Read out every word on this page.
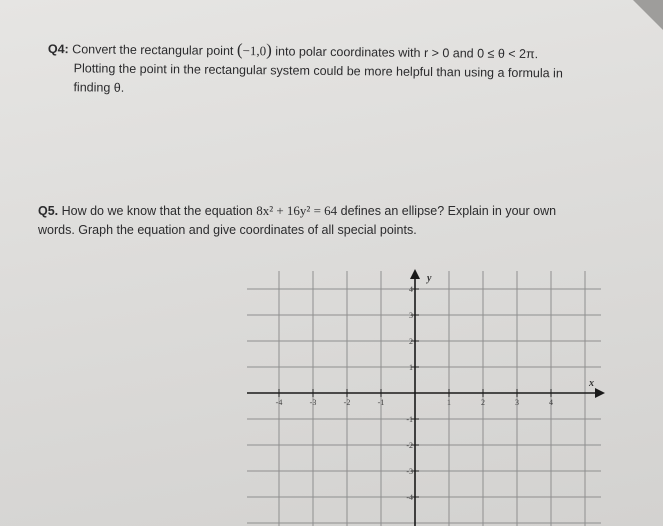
Q4: Convert the rectangular point (−1,0) into polar coordinates with r > 0 and 0 ≤ θ < 2π.
Plotting the point in the rectangular system could be more helpful than using a formula in
finding θ.
Q5. How do we know that the equation 8x² + 16y² = 64 defines an ellipse? Explain in your own
words. Graph the equation and give coordinates of all special points.
x
y
-4	-3	-2	-1	1	2	3	4
4
3
2
1
-1
-2
-3
-4
